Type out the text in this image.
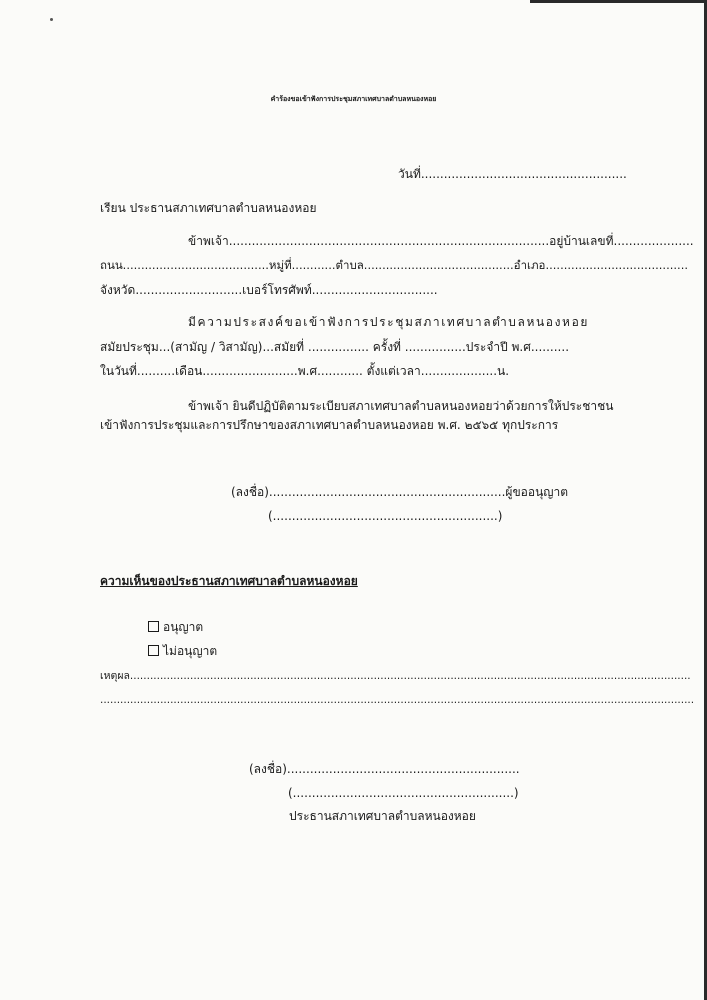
คำร้องขอเข้าฟังการประชุมสภาเทศบาลตำบลหนองหอย
วันที่......................................................
เรียน ประธานสภาเทศบาลตำบลหนองหอย
ข้าพเจ้า....................................................................................อยู่บ้านเลขที่.....................
ถนน........................................หมู่ที่............ตำบล.........................................อำเภอ.......................................
จังหวัด............................เบอร์โทรศัพท์.................................
มีความประสงค์ขอเข้าฟังการประชุมสภาเทศบาลตำบลหนองหอย
สมัยประชุม...(สามัญ / วิสามัญ)...สมัยที่ ................ ครั้งที่ ................ประจำปี พ.ศ..........
ในวันที่..........เดือน.........................พ.ศ............ ตั้งแต่เวลา....................น.
ข้าพเจ้า ยินดีปฏิบัติตามระเบียบสภาเทศบาลตำบลหนองหอยว่าด้วยการให้ประชาชน
เข้าฟังการประชุมและการปรึกษาของสภาเทศบาลตำบลหนองหอย พ.ศ. ๒๕๖๕ ทุกประการ
(ลงชื่อ)..............................................................ผู้ขออนุญาต
(...........................................................)
ความเห็นของประธานสภาเทศบาลตำบลหนองหอย
อนุญาต
ไม่อนุญาต
เหตุผล........................................................................................................................................................................
..................................................................................................................................................................................
(ลงชื่อ).............................................................
(..........................................................)
ประธานสภาเทศบาลตำบลหนองหอย
